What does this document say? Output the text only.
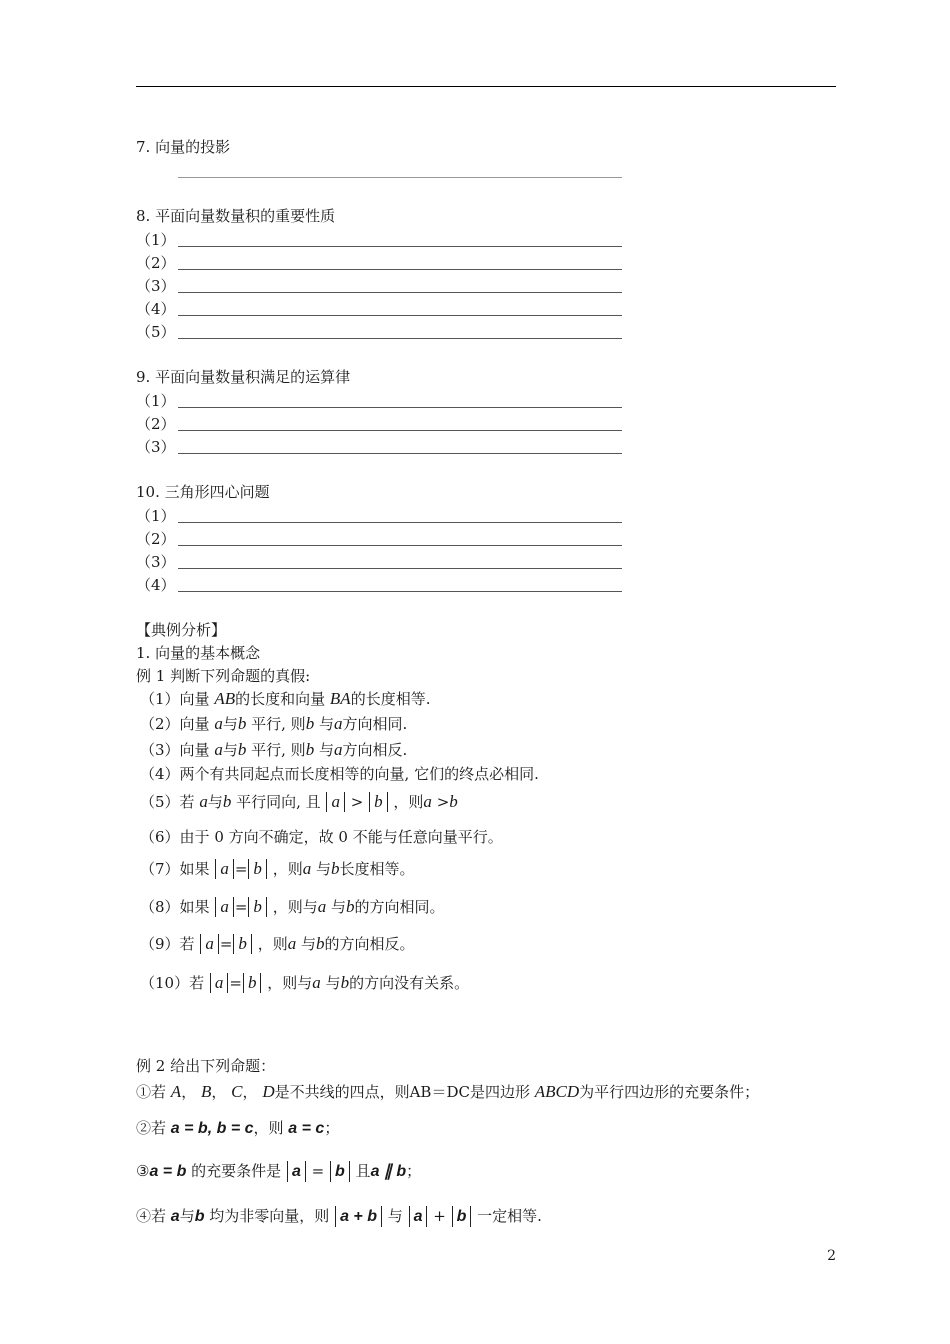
7. 向量的投影
8. 平面向量数量积的重要性质
（1）
（2）
（3）
（4）
（5）
9. 平面向量数量积满足的运算律
（1）
（2）
（3）
10. 三角形四心问题
（1）
（2）
（3）
（4）
【典例分析】
1. 向量的基本概念
例 1 判断下列命题的真假:
（1）向量 AB的长度和向量 BA的长度相等.
（2）向量 a与b 平行, 则b 与a方向相同.
（3）向量 a与b 平行, 则b 与a方向相反.
（4）两个有共同起点而长度相等的向量, 它们的终点必相同.
（5）若 a与b 平行同向, 且 a > b ，则a >b
（6）由于 0 方向不确定，故 0 不能与任意向量平行。
（7）如果 a = b ，则a 与b长度相等。
（8）如果 a = b ，则与a 与b的方向相同。
（9）若 a = b ，则a 与b的方向相反。
（10）若 a = b ，则与a 与b的方向没有关系。
例 2 给出下列命题：
①若 A， B， C， D是不共线的四点，则AB＝DC是四边形 ABCD为平行四边形的充要条件；
②若 a = b, b = c，则 a = c；
③a = b 的充要条件是 a = b 且a ∥ b；
④若 a与b 均为非零向量，则 a + b 与 a + b 一定相等.
2
